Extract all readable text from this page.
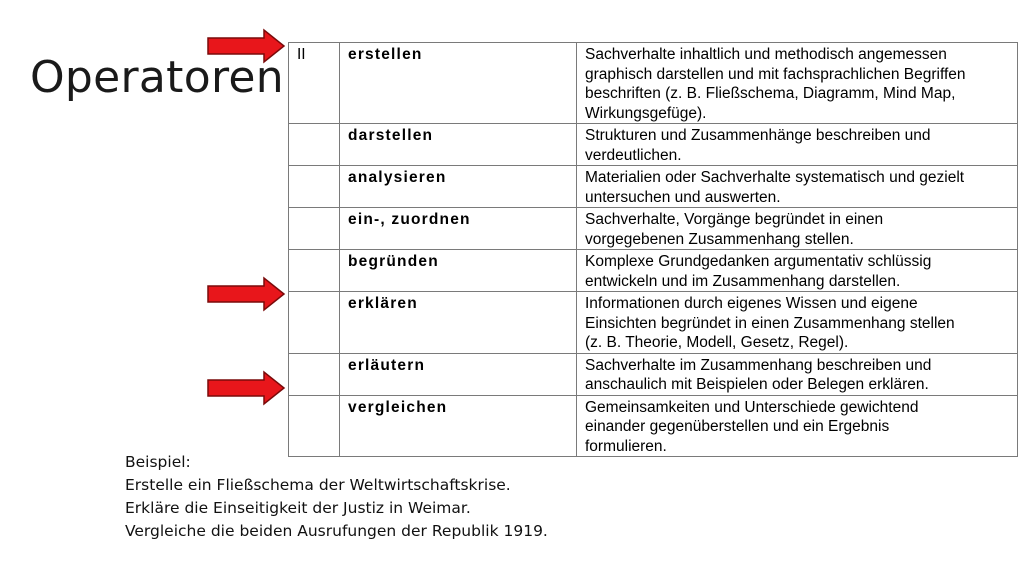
Operatoren II	erstellen	Sachverhalte inhaltlich und methodisch angemessen
graphisch darstellen und mit fachsprachlichen Begriffen
beschriften (z. B. Fließschema, Diagramm, Mind Map,
Wirkungsgefüge).

	darstellen	Strukturen und Zusammenhänge beschreiben und
verdeutlichen.

	analysieren	Materialien oder Sachverhalte systematisch und gezielt
untersuchen und auswerten.

	ein-, zuordnen	Sachverhalte, Vorgänge begründet in einen
vorgegebenen Zusammenhang stellen.

	begründen	Komplexe Grundgedanken argumentativ schlüssig
entwickeln und im Zusammenhang darstellen.

	erklären	Informationen durch eigenes Wissen und eigene
Einsichten begründet in einen Zusammenhang stellen
(z. B. Theorie, Modell, Gesetz, Regel).

	erläutern	Sachverhalte im Zusammenhang beschreiben und
anschaulich mit Beispielen oder Belegen erklären.

	vergleichen	Gemeinsamkeiten und Unterschiede gewichtend
einander gegenüberstellen und ein Ergebnis
formulieren.
Beispiel:
Erstelle ein Fließschema der Weltwirtschaftskrise.
Erkläre die Einseitigkeit der Justiz in Weimar.
Vergleiche die beiden Ausrufungen der Republik 1919.
